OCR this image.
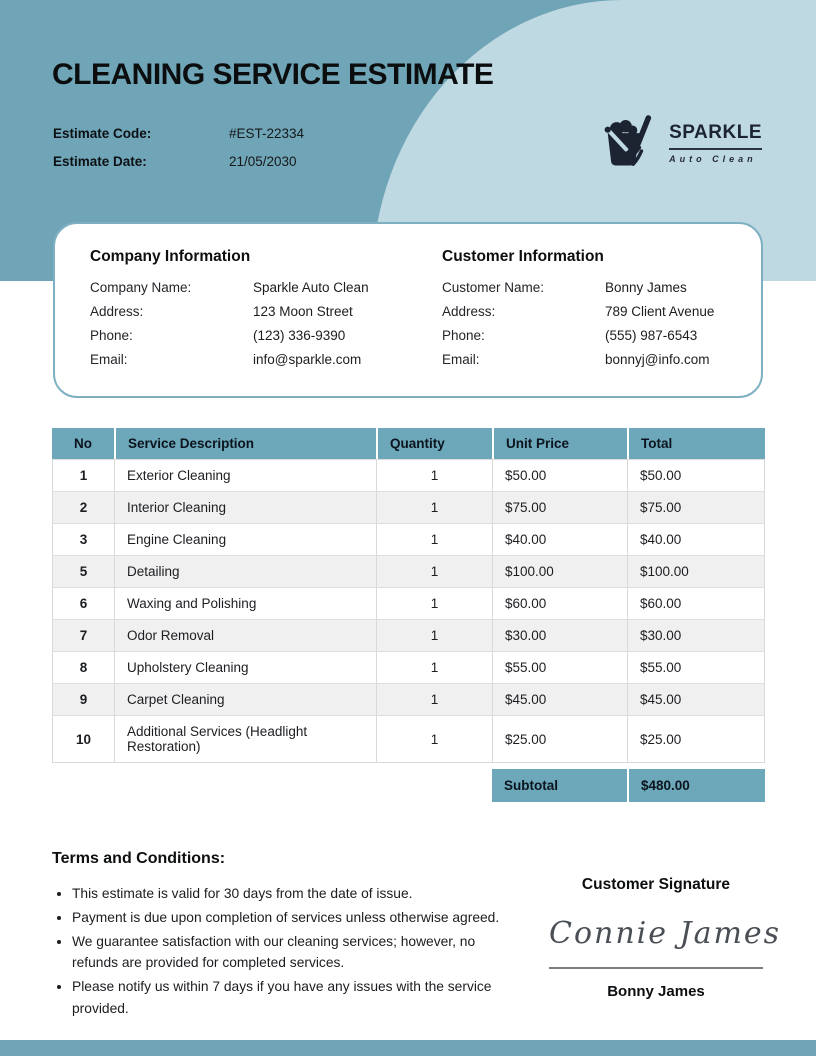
CLEANING SERVICE ESTIMATE
Estimate Code:	#EST-22334
Estimate Date:	21/05/2030
SPARKLE
Auto Clean
Company Information
Company Name:	Sparkle Auto Clean
Address:	123 Moon Street
Phone:	(123) 336-9390
Email:	info@sparkle.com
Customer Information
Customer Name:	Bonny James
Address:	789 Client Avenue
Phone:	(555) 987-6543
Email:	bonnyj@info.com
No	Service Description	Quantity	Unit Price	Total
1	Exterior Cleaning	1	$50.00	$50.00
2	Interior Cleaning	1	$75.00	$75.00
3	Engine Cleaning	1	$40.00	$40.00
5	Detailing	1	$100.00	$100.00
6	Waxing and Polishing	1	$60.00	$60.00
7	Odor Removal	1	$30.00	$30.00
8	Upholstery Cleaning	1	$55.00	$55.00
9	Carpet Cleaning	1	$45.00	$45.00
10	Additional Services (Headlight Restoration)	1	$25.00	$25.00
			Subtotal	$480.00
Terms and Conditions:
• This estimate is valid for 30 days from the date of issue.
• Payment is due upon completion of services unless otherwise agreed.
• We guarantee satisfaction with our cleaning services; however, no refunds are provided for completed services.
• Please notify us within 7 days if you have any issues with the service provided.
Customer Signature
Connie James
Bonny James
